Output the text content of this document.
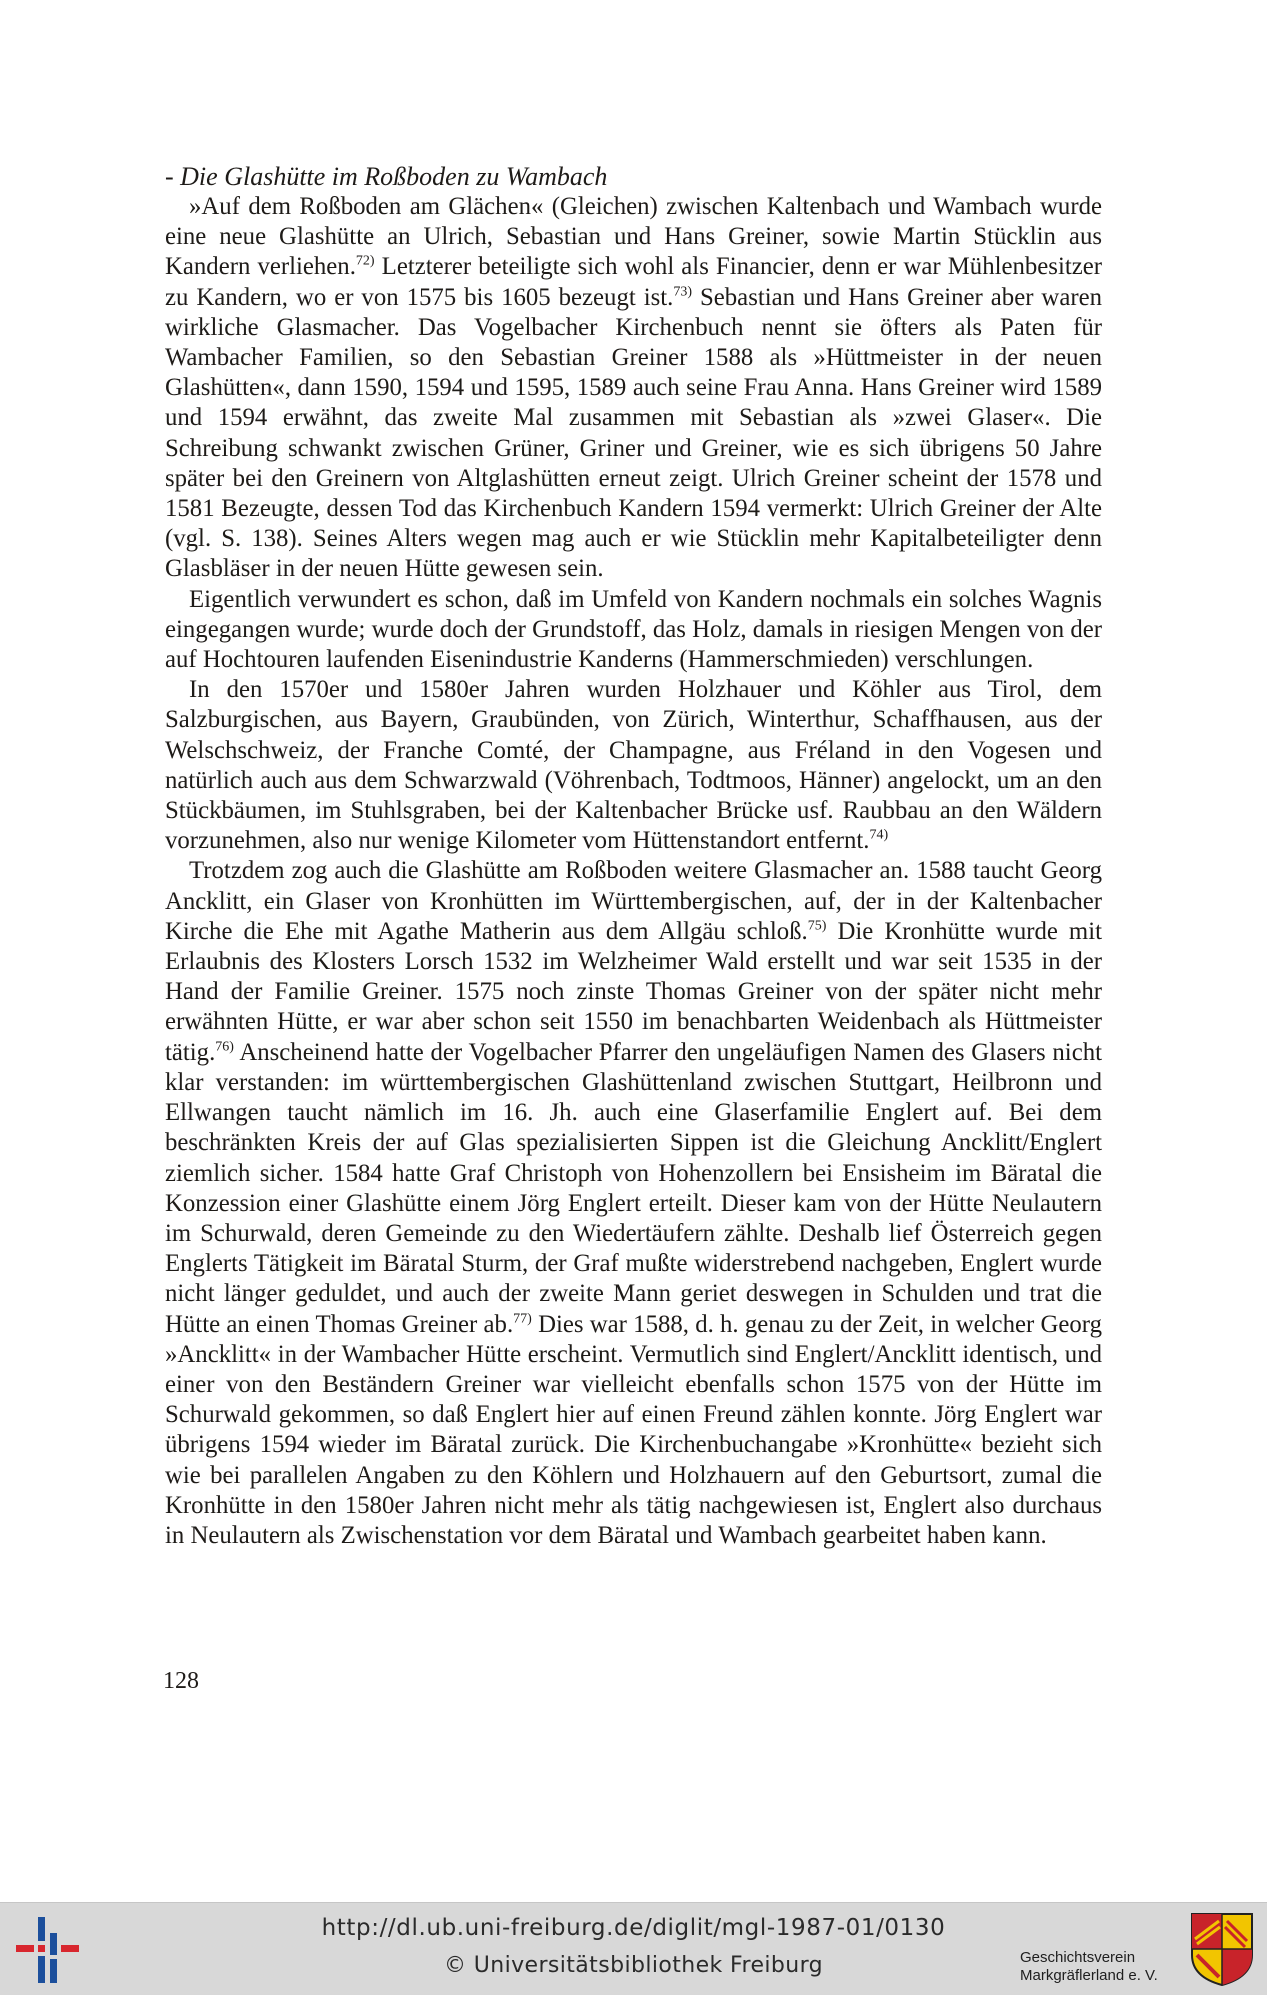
- Die Glashütte im Roßboden zu Wambach

»Auf dem Roßboden am Glächen« (Gleichen) zwischen Kaltenbach und Wambach wurde eine neue Glashütte an Ulrich, Sebastian und Hans Greiner, sowie Martin Stücklin aus Kandern verliehen.$^{72)}$ Letzterer beteiligte sich wohl als Financier, denn er war Mühlenbesitzer zu Kandern, wo er von 1575 bis 1605 bezeugt ist.$^{73)}$ Sebastian und Hans Greiner aber waren wirkliche Glasmacher. Das Vogelbacher Kirchenbuch nennt sie öfters als Paten für Wambacher Familien, so den Sebastian Greiner 1588 als »Hüttmeister in der neuen Glashütten«, dann 1590, 1594 und 1595, 1589 auch seine Frau Anna. Hans Greiner wird 1589 und 1594 erwähnt, das zweite Mal zusammen mit Sebastian als »zwei Glaser«. Die Schreibung schwankt zwischen Grüner, Griner und Greiner, wie es sich übrigens 50 Jahre später bei den Greinern von Altglashütten erneut zeigt. Ulrich Greiner scheint der 1578 und 1581 Bezeugte, dessen Tod das Kirchenbuch Kandern 1594 vermerkt: Ulrich Greiner der Alte (vgl. S. 138). Seines Alters wegen mag auch er wie Stücklin mehr Kapitalbeteiligter denn Glasbläser in der neuen Hütte gewesen sein.

Eigentlich verwundert es schon, daß im Umfeld von Kandern nochmals ein solches Wagnis eingegangen wurde; wurde doch der Grundstoff, das Holz, damals in riesigen Mengen von der auf Hochtouren laufenden Eisenindustrie Kanderns (Hammerschmieden) verschlungen.

In den 1570er und 1580er Jahren wurden Holzhauer und Köhler aus Tirol, dem Salzburgischen, aus Bayern, Graubünden, von Zürich, Winterthur, Schaffhausen, aus der Welschschweiz, der Franche Comté, der Champagne, aus Fréland in den Vogesen und natürlich auch aus dem Schwarzwald (Vöhrenbach, Todtmoos, Hänner) angelockt, um an den Stückbäumen, im Stuhlsgraben, bei der Kaltenbacher Brücke usf. Raubbau an den Wäldern vorzunehmen, also nur wenige Kilometer vom Hüttenstandort entfernt.$^{74)}$

Trotzdem zog auch die Glashütte am Roßboden weitere Glasmacher an. 1588 taucht Georg Ancklitt, ein Glaser von Kronhütten im Württembergischen, auf, der in der Kaltenbacher Kirche die Ehe mit Agathe Matherin aus dem Allgäu schloß.$^{75)}$ Die Kronhütte wurde mit Erlaubnis des Klosters Lorsch 1532 im Welzheimer Wald erstellt und war seit 1535 in der Hand der Familie Greiner. 1575 noch zinste Thomas Greiner von der später nicht mehr erwähnten Hütte, er war aber schon seit 1550 im benachbarten Weidenbach als Hüttmeister tätig.$^{76)}$ Anscheinend hatte der Vogelbacher Pfarrer den ungeläufigen Namen des Glasers nicht klar verstanden: im württembergischen Glashüttenland zwischen Stuttgart, Heilbronn und Ellwangen taucht nämlich im 16. Jh. auch eine Glaserfamilie Englert auf. Bei dem beschränkten Kreis der auf Glas spezialisierten Sippen ist die Gleichung Ancklitt/Englert ziemlich sicher. 1584 hatte Graf Christoph von Hohenzollern bei Ensisheim im Bäratal die Konzession einer Glashütte einem Jörg Englert erteilt. Dieser kam von der Hütte Neulautern im Schurwald, deren Gemeinde zu den Wiedertäufern zählte. Deshalb lief Österreich gegen Englerts Tätigkeit im Bäratal Sturm, der Graf mußte widerstrebend nachgeben, Englert wurde nicht länger geduldet, und auch der zweite Mann geriet deswegen in Schulden und trat die Hütte an einen Thomas Greiner ab.$^{77)}$ Dies war 1588, d. h. genau zu der Zeit, in welcher Georg »Ancklitt« in der Wambacher Hütte erscheint. Vermutlich sind Englert/Ancklitt identisch, und einer von den Beständern Greiner war vielleicht ebenfalls schon 1575 von der Hütte im Schurwald gekommen, so daß Englert hier auf einen Freund zählen konnte. Jörg Englert war übrigens 1594 wieder im Bäratal zurück. Die Kirchenbuchangabe »Kronhütte« bezieht sich wie bei parallelen Angaben zu den Köhlern und Holzhauern auf den Geburtsort, zumal die Kronhütte in den 1580er Jahren nicht mehr als tätig nachgewiesen ist, Englert also durchaus in Neulautern als Zwischenstation vor dem Bäratal und Wambach gearbeitet haben kann.

128

http://dl.ub.uni-freiburg.de/diglit/mgl-1987-01/0130
© Universitätsbibliothek Freiburg	Geschichtsverein
Markgräflerland e. V.
